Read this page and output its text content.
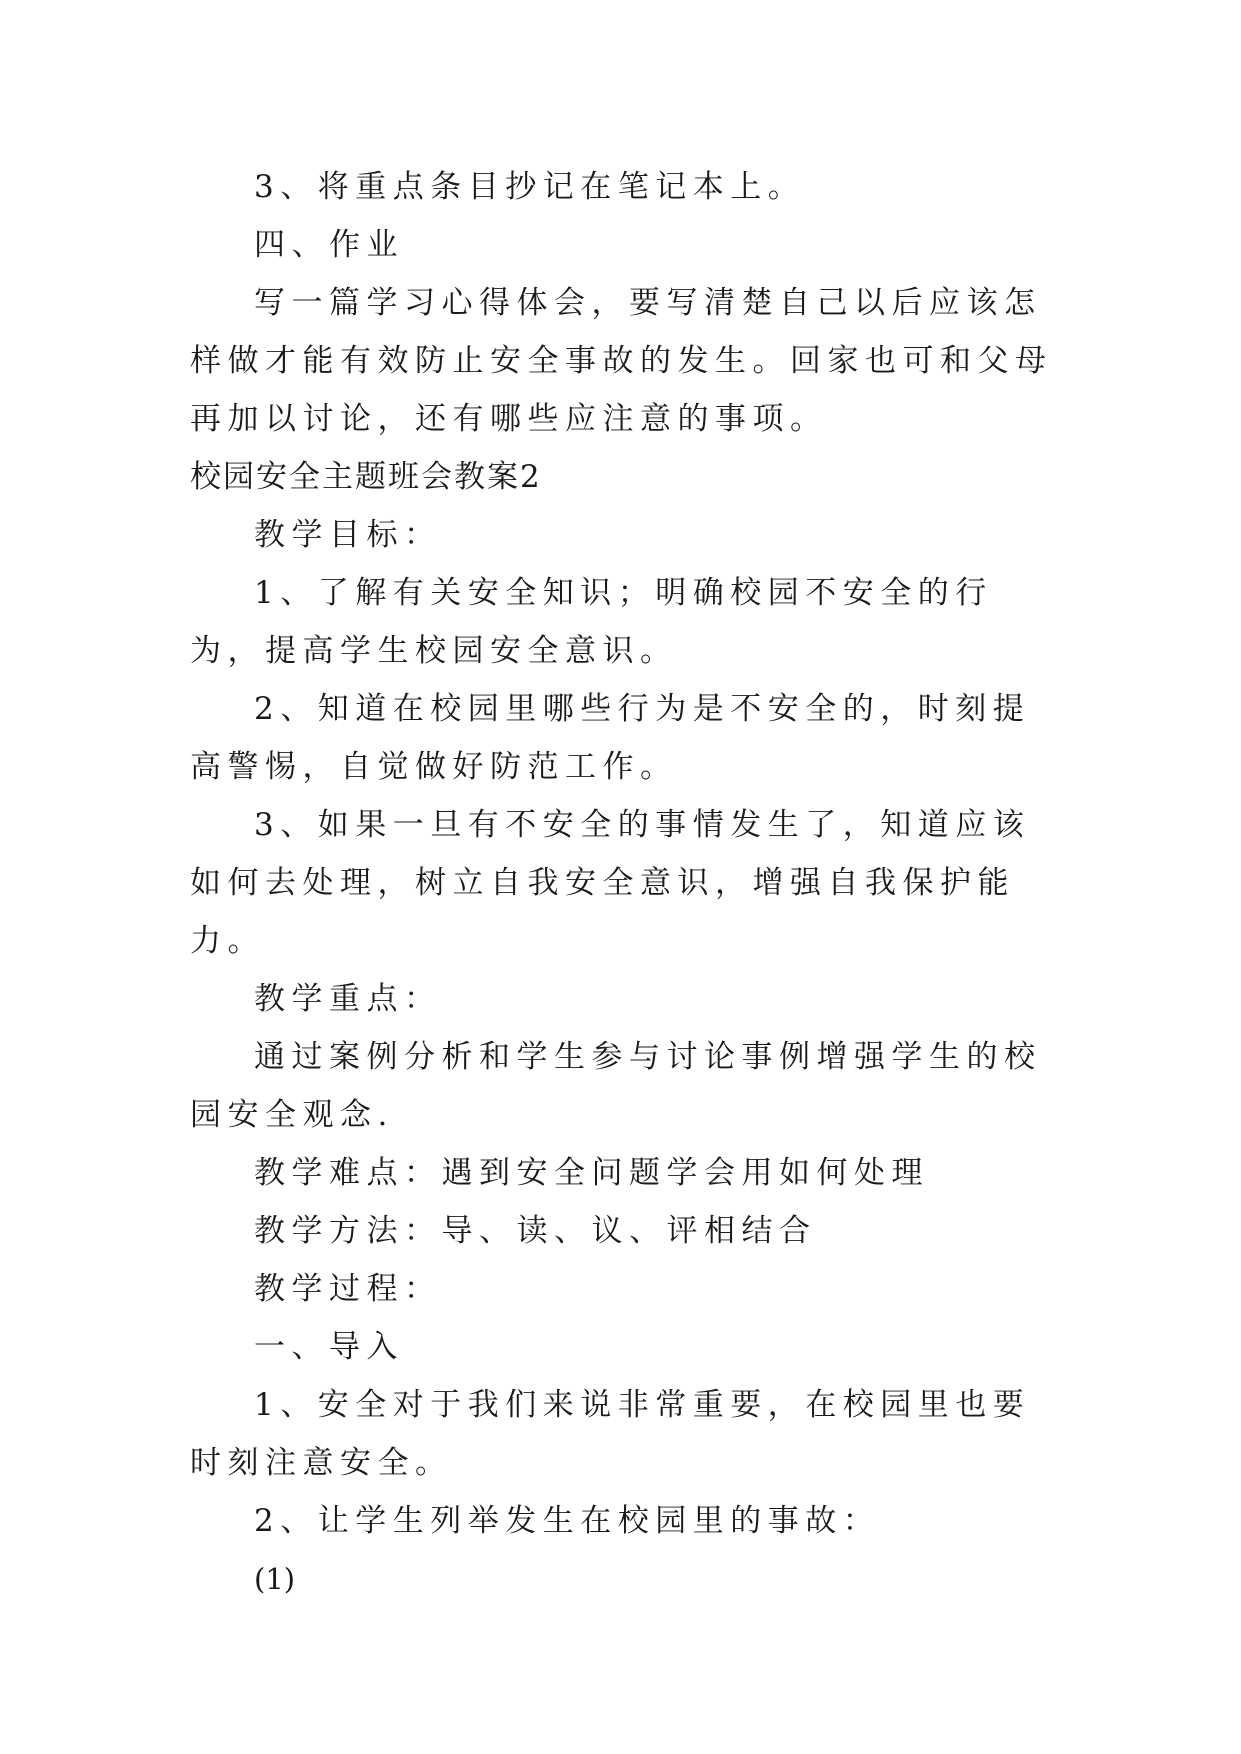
3、将重点条目抄记在笔记本上。

四、作业

写一篇学习心得体会，要写清楚自己以后应该怎样做才能有效防止安全事故的发生。回家也可和父母再加以讨论，还有哪些应注意的事项。

校园安全主题班会教案2

教学目标：

1、了解有关安全知识；明确校园不安全的行为，提高学生校园安全意识。

2、知道在校园里哪些行为是不安全的，时刻提高警惕，自觉做好防范工作。

3、如果一旦有不安全的事情发生了，知道应该如何去处理，树立自我安全意识，增强自我保护能力。

教学重点：

通过案例分析和学生参与讨论事例增强学生的校园安全观念.

教学难点：遇到安全问题学会用如何处理

教学方法：导、读、议、评相结合

教学过程：

一、导入

1、安全对于我们来说非常重要，在校园里也要时刻注意安全。

2、让学生列举发生在校园里的事故：

(1)
